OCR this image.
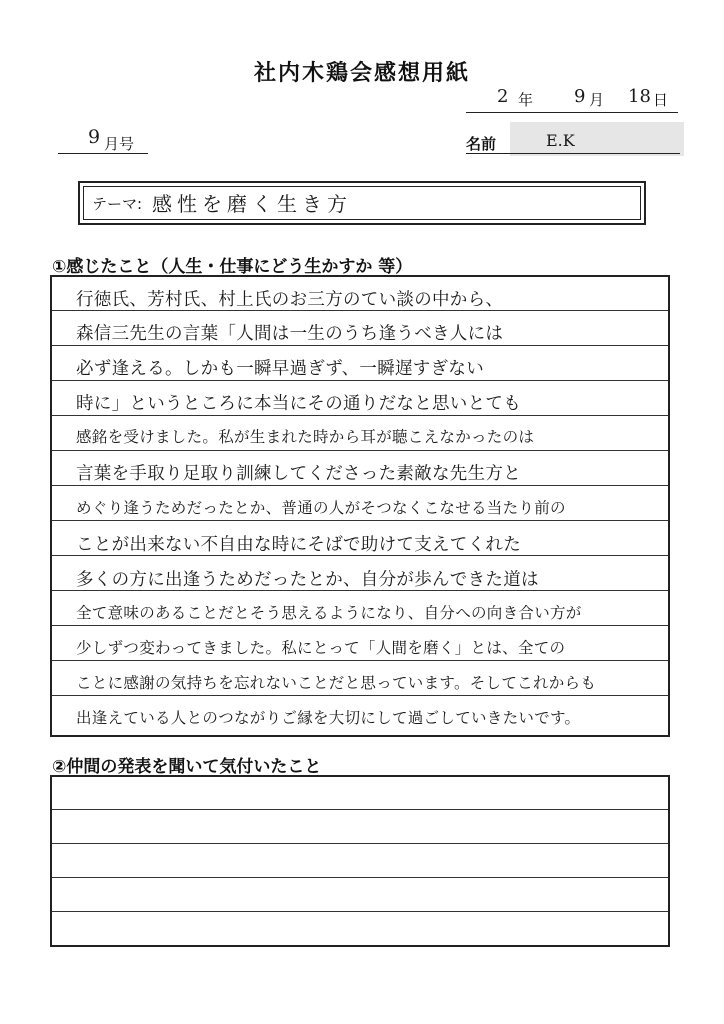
社内木鶏会感想用紙
2 年 9 月 18 日
9 月号	名前	E.K
テーマ: 感性を磨く生き方
①感じたこと（人生・仕事にどう生かすか 等）
行徳氏、芳村氏、村上氏のお三方のてい談の中から、
森信三先生の言葉「人間は一生のうち逢うべき人には
必ず逢える。しかも一瞬早過ぎず、一瞬遅すぎない
時に」というところに本当にその通りだなと思いとても
感銘を受けました。私が生まれた時から耳が聴こえなかったのは
言葉を手取り足取り訓練してくださった素敵な先生方と
めぐり逢うためだったとか、普通の人がそつなくこなせる当たり前の
ことが出来ない不自由な時にそばで助けて支えてくれた
多くの方に出逢うためだったとか、自分が歩んできた道は
全て意味のあることだとそう思えるようになり、自分への向き合い方が
少しずつ変わってきました。私にとって「人間を磨く」とは、全ての
ことに感謝の気持ちを忘れないことだと思っています。そしてこれからも
出逢えている人とのつながりご縁を大切にして過ごしていきたいです。
②仲間の発表を聞いて気付いたこと
